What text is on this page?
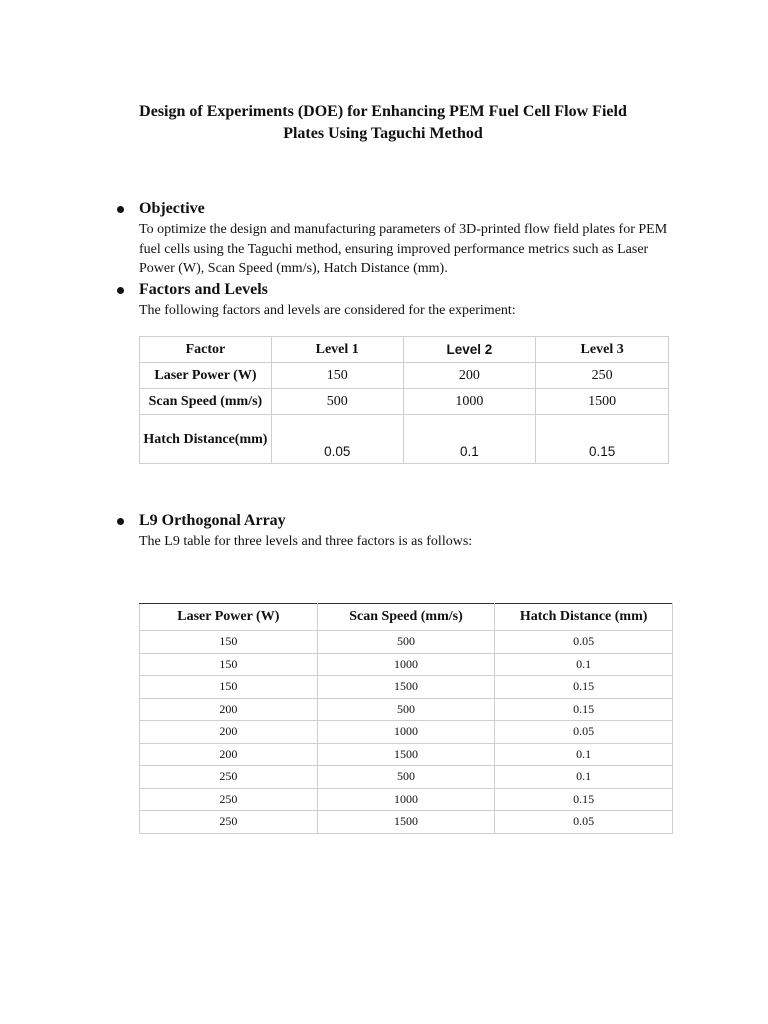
Design of Experiments (DOE) for Enhancing PEM Fuel Cell Flow Field
Plates Using Taguchi Method
Objective
To optimize the design and manufacturing parameters of 3D-printed flow field plates for PEM fuel cells using the Taguchi method, ensuring improved performance metrics such as Laser Power (W), Scan Speed (mm/s), Hatch Distance (mm).
Factors and Levels
The following factors and levels are considered for the experiment:
Factor	Level 1	Level 2	Level 3
Laser Power (W)	150	200	250
Scan Speed (mm/s)	500	1000	1500
Hatch Distance(mm)	0.05	0.1	0.15
L9 Orthogonal Array
The L9 table for three levels and three factors is as follows:
Laser Power (W)	Scan Speed (mm/s)	Hatch Distance (mm)
150	500	0.05
150	1000	0.1
150	1500	0.15
200	500	0.15
200	1000	0.05
200	1500	0.1
250	500	0.1
250	1000	0.15
250	1500	0.05
